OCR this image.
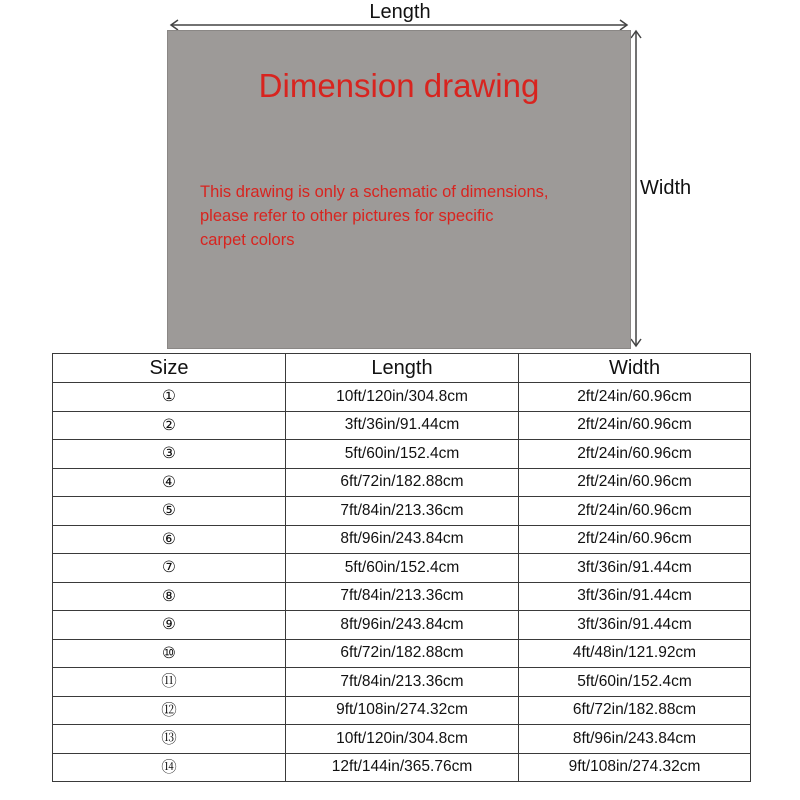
Length
Width
Dimension drawing
This drawing is only a schematic of dimensions,
please refer to other pictures for specific
carpet colors
Size	Length	Width
①	10ft/120in/304.8cm	2ft/24in/60.96cm
②	3ft/36in/91.44cm	2ft/24in/60.96cm
③	5ft/60in/152.4cm	2ft/24in/60.96cm
④	6ft/72in/182.88cm	2ft/24in/60.96cm
⑤	7ft/84in/213.36cm	2ft/24in/60.96cm
⑥	8ft/96in/243.84cm	2ft/24in/60.96cm
⑦	5ft/60in/152.4cm	3ft/36in/91.44cm
⑧	7ft/84in/213.36cm	3ft/36in/91.44cm
⑨	8ft/96in/243.84cm	3ft/36in/91.44cm
⑩	6ft/72in/182.88cm	4ft/48in/121.92cm
⑪	7ft/84in/213.36cm	5ft/60in/152.4cm
⑫	9ft/108in/274.32cm	6ft/72in/182.88cm
⑬	10ft/120in/304.8cm	8ft/96in/243.84cm
⑭	12ft/144in/365.76cm	9ft/108in/274.32cm
